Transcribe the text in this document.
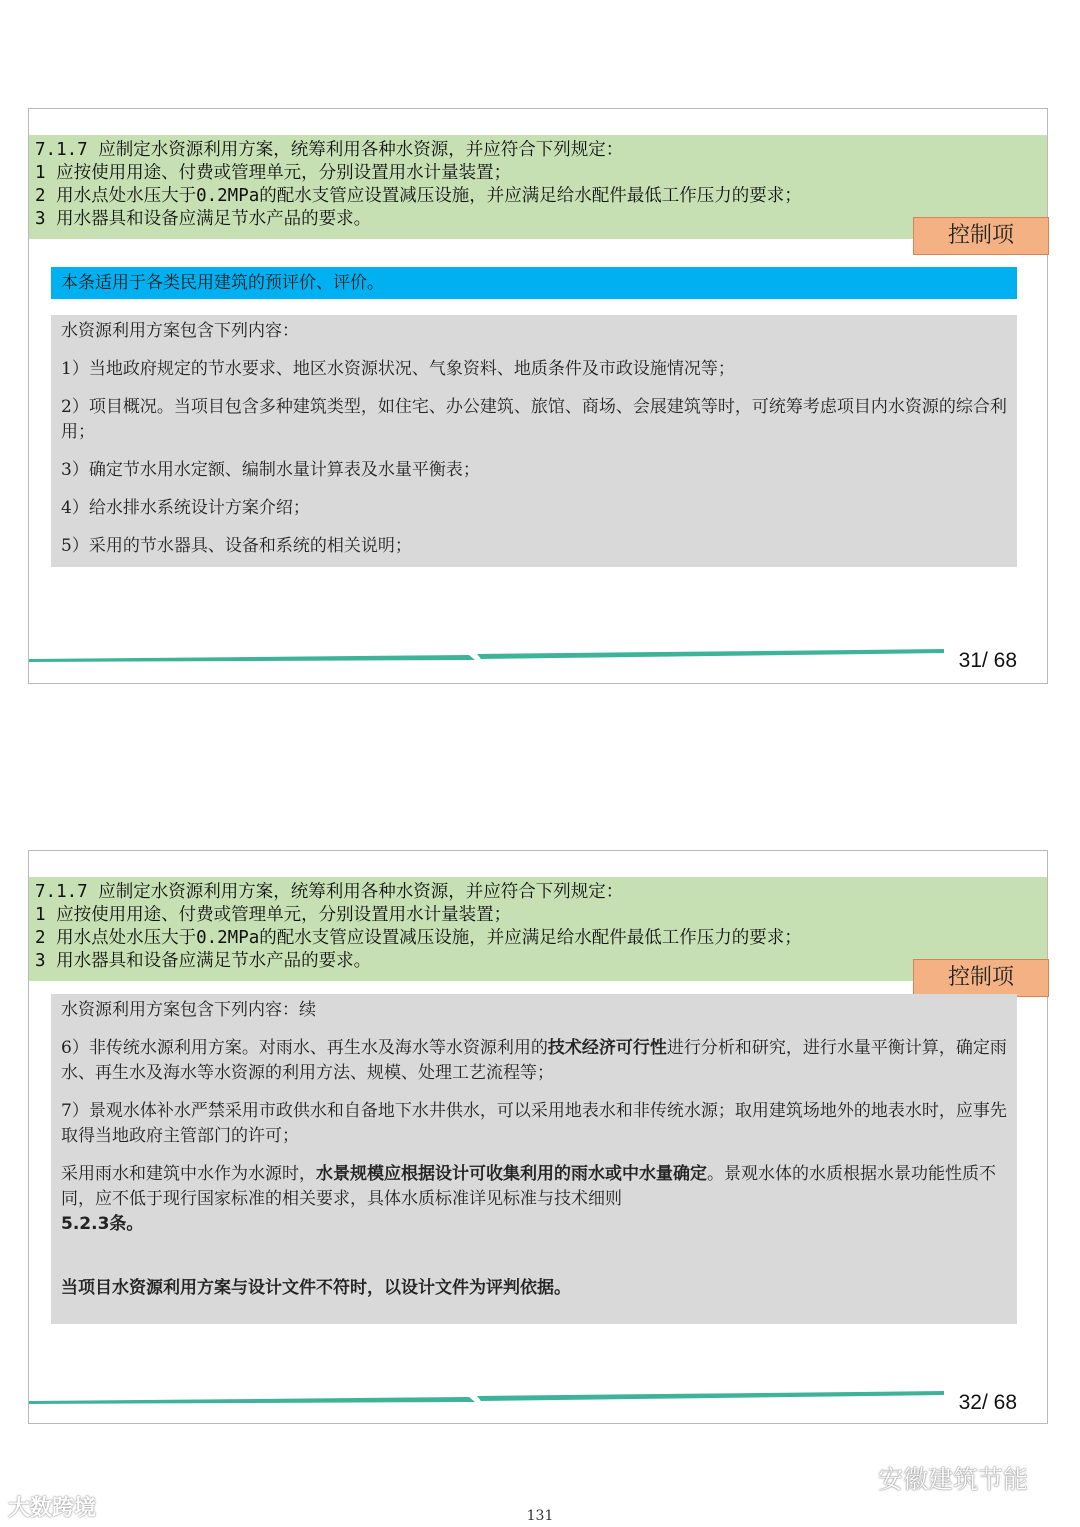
7.1.7 应制定水资源利用方案，统筹利用各种水资源，并应符合下列规定：
1 应按使用用途、付费或管理单元，分别设置用水计量装置；
2 用水点处水压大于0.2MPa的配水支管应设置减压设施，并应满足给水配件最低工作压力的要求；
3 用水器具和设备应满足节水产品的要求。
控制项
本条适用于各类民用建筑的预评价、评价。

水资源利用方案包含下列内容：

1）当地政府规定的节水要求、地区水资源状况、气象资料、地质条件及市政设施情况等；

2）项目概况。当项目包含多种建筑类型，如住宅、办公建筑、旅馆、商场、会展建筑等时，可统筹考虑项目内水资源的综合利用；

3）确定节水用水定额、编制水量计算表及水量平衡表；

4）给水排水系统设计方案介绍；

5）采用的节水器具、设备和系统的相关说明；

31/ 68
7.1.7 应制定水资源利用方案，统筹利用各种水资源，并应符合下列规定：
1 应按使用用途、付费或管理单元，分别设置用水计量装置；
2 用水点处水压大于0.2MPa的配水支管应设置减压设施，并应满足给水配件最低工作压力的要求；
3 用水器具和设备应满足节水产品的要求。
控制项

水资源利用方案包含下列内容：续

6）非传统水源利用方案。对雨水、再生水及海水等水资源利用的技术经济可行性进行分析和研究，进行水量平衡计算，确定雨水、再生水及海水等水资源的利用方法、规模、处理工艺流程等；

7）景观水体补水严禁采用市政供水和自备地下水井供水，可以采用地表水和非传统水源；取用建筑场地外的地表水时，应事先取得当地政府主管部门的许可；

采用雨水和建筑中水作为水源时，水景规模应根据设计可收集利用的雨水或中水量确定。景观水体的水质根据水景功能性质不同，应不低于现行国家标准的相关要求，具体水质标准详见标准与技术细则
5.2.3条。

当项目水资源利用方案与设计文件不符时，以设计文件为评判依据。

32/ 68
大数跨境
安徽建筑节能
131
